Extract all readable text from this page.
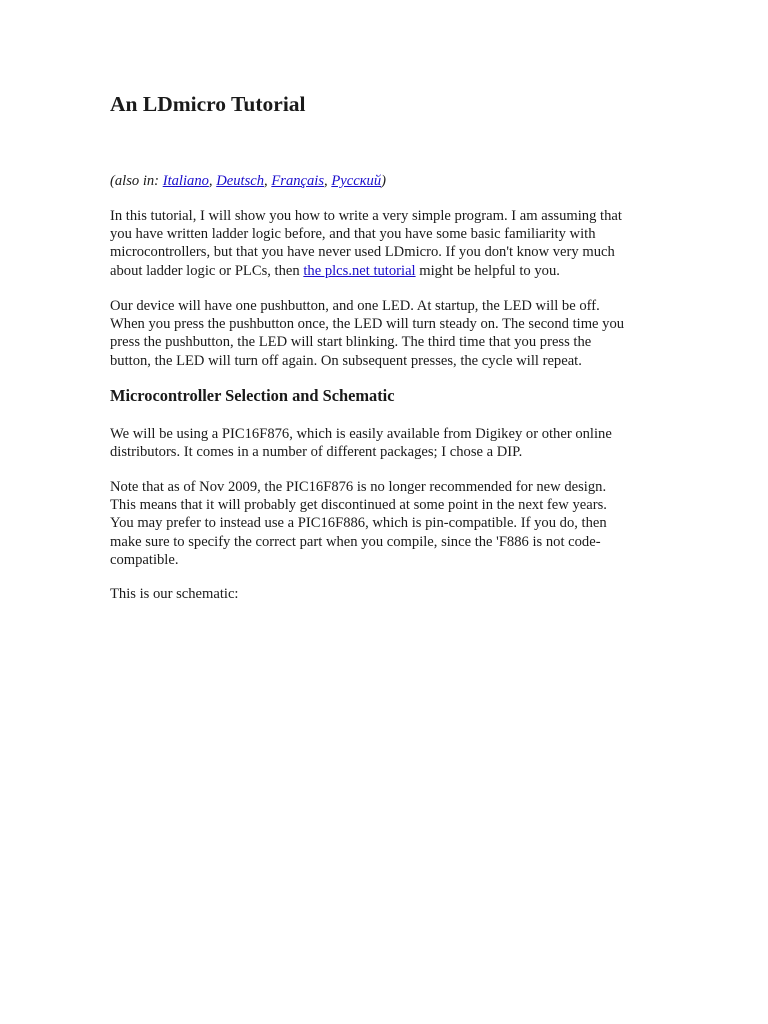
An LDmicro Tutorial
(also in: Italiano, Deutsch, Français, Русский)

In this tutorial, I will show you how to write a very simple program. I am assuming that
you have written ladder logic before, and that you have some basic familiarity with
microcontrollers, but that you have never used LDmicro. If you don't know very much
about ladder logic or PLCs, then the plcs.net tutorial might be helpful to you.

Our device will have one pushbutton, and one LED. At startup, the LED will be off.
When you press the pushbutton once, the LED will turn steady on. The second time you
press the pushbutton, the LED will start blinking. The third time that you press the
button, the LED will turn off again. On subsequent presses, the cycle will repeat.

Microcontroller Selection and Schematic

We will be using a PIC16F876, which is easily available from Digikey or other online
distributors. It comes in a number of different packages; I chose a DIP.

Note that as of Nov 2009, the PIC16F876 is no longer recommended for new design.
This means that it will probably get discontinued at some point in the next few years.
You may prefer to instead use a PIC16F886, which is pin-compatible. If you do, then
make sure to specify the correct part when you compile, since the 'F886 is not code-
compatible.

This is our schematic:
